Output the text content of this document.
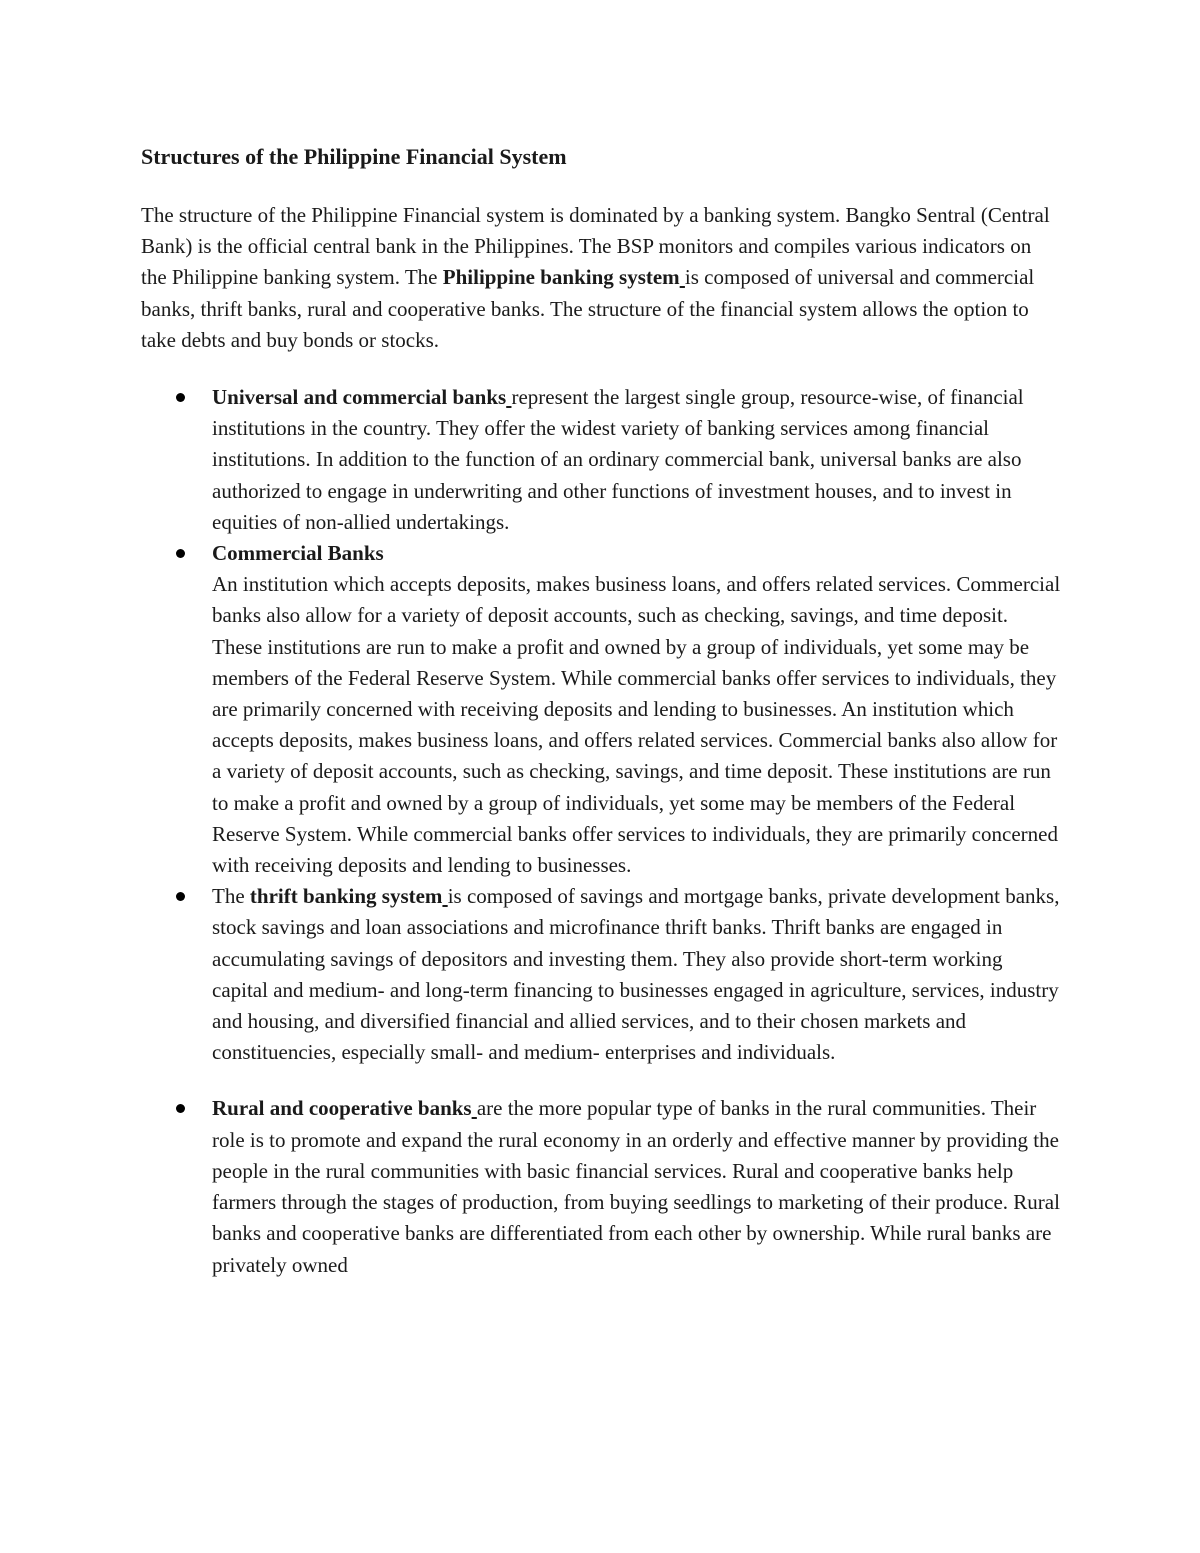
Structures of the Philippine Financial System

The structure of the Philippine Financial system is dominated by a banking system. Bangko Sentral (Central Bank) is the official central bank in the Philippines. The BSP monitors and compiles various indicators on the Philippine banking system. The Philippine banking system is composed of universal and commercial banks, thrift banks, rural and cooperative banks. The structure of the financial system allows the option to take debts and buy bonds or stocks.

Universal and commercial banks represent the largest single group, resource-wise, of financial institutions in the country. They offer the widest variety of banking services among financial institutions. In addition to the function of an ordinary commercial bank, universal banks are also authorized to engage in underwriting and other functions of investment houses, and to invest in equities of non-allied undertakings.
Commercial Banks
An institution which accepts deposits, makes business loans, and offers related services. Commercial banks also allow for a variety of deposit accounts, such as checking, savings, and time deposit. These institutions are run to make a profit and owned by a group of individuals, yet some may be members of the Federal Reserve System. While commercial banks offer services to individuals, they are primarily concerned with receiving deposits and lending to businesses. An institution which accepts deposits, makes business loans, and offers related services. Commercial banks also allow for a variety of deposit accounts, such as checking, savings, and time deposit. These institutions are run to make a profit and owned by a group of individuals, yet some may be members of the Federal Reserve System. While commercial banks offer services to individuals, they are primarily concerned with receiving deposits and lending to businesses.
The thrift banking system is composed of savings and mortgage banks, private development banks, stock savings and loan associations and microfinance thrift banks. Thrift banks are engaged in accumulating savings of depositors and investing them. They also provide short-term working capital and medium- and long-term financing to businesses engaged in agriculture, services, industry and housing, and diversified financial and allied services, and to their chosen markets and constituencies, especially small- and medium- enterprises and individuals.
Rural and cooperative banks are the more popular type of banks in the rural communities. Their role is to promote and expand the rural economy in an orderly and effective manner by providing the people in the rural communities with basic financial services. Rural and cooperative banks help farmers through the stages of production, from buying seedlings to marketing of their produce. Rural banks and cooperative banks are differentiated from each other by ownership. While rural banks are privately owned
